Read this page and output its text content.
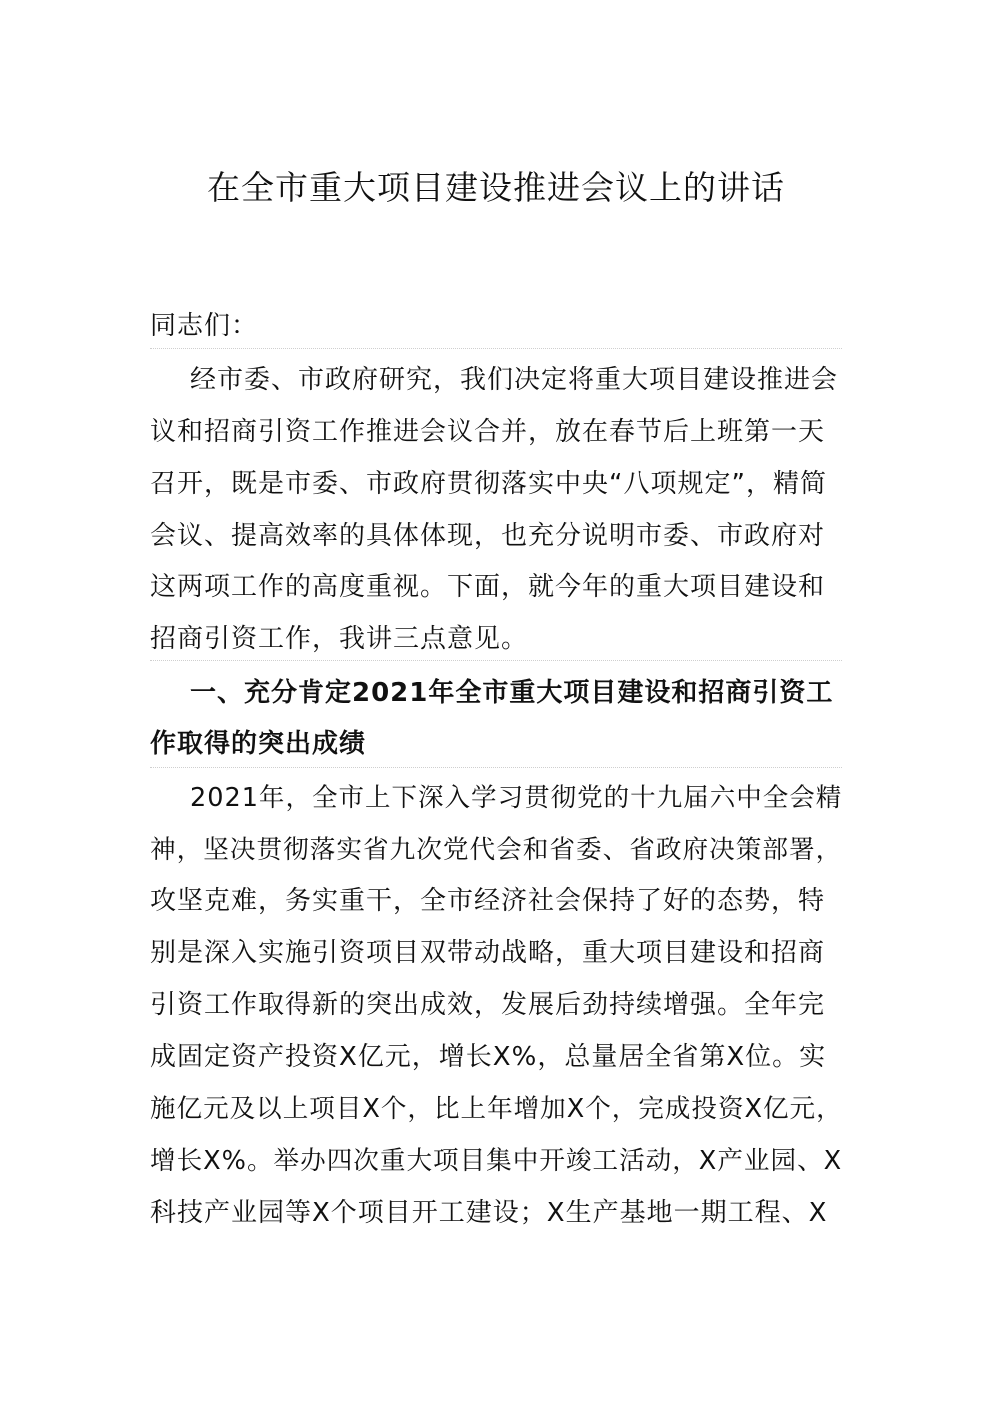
在全市重大项目建设推进会议上的讲话
同志们：
经市委、市政府研究，我们决定将重大项目建设推进会
议和招商引资工作推进会议合并，放在春节后上班第一天
召开，既是市委、市政府贯彻落实中央“八项规定”，精简
会议、提高效率的具体体现，也充分说明市委、市政府对
这两项工作的高度重视。下面，就今年的重大项目建设和
招商引资工作，我讲三点意见。
一、充分肯定2021年全市重大项目建设和招商引资工
作取得的突出成绩
2021年，全市上下深入学习贯彻党的十九届六中全会精
神，坚决贯彻落实省九次党代会和省委、省政府决策部署，
攻坚克难，务实重干，全市经济社会保持了好的态势，特
别是深入实施引资项目双带动战略，重大项目建设和招商
引资工作取得新的突出成效，发展后劲持续增强。全年完
成固定资产投资X亿元，增长X%，总量居全省第X位。实
施亿元及以上项目X个，比上年增加X个，完成投资X亿元，
增长X%。举办四次重大项目集中开竣工活动，X产业园、X
科技产业园等X个项目开工建设；X生产基地一期工程、X
